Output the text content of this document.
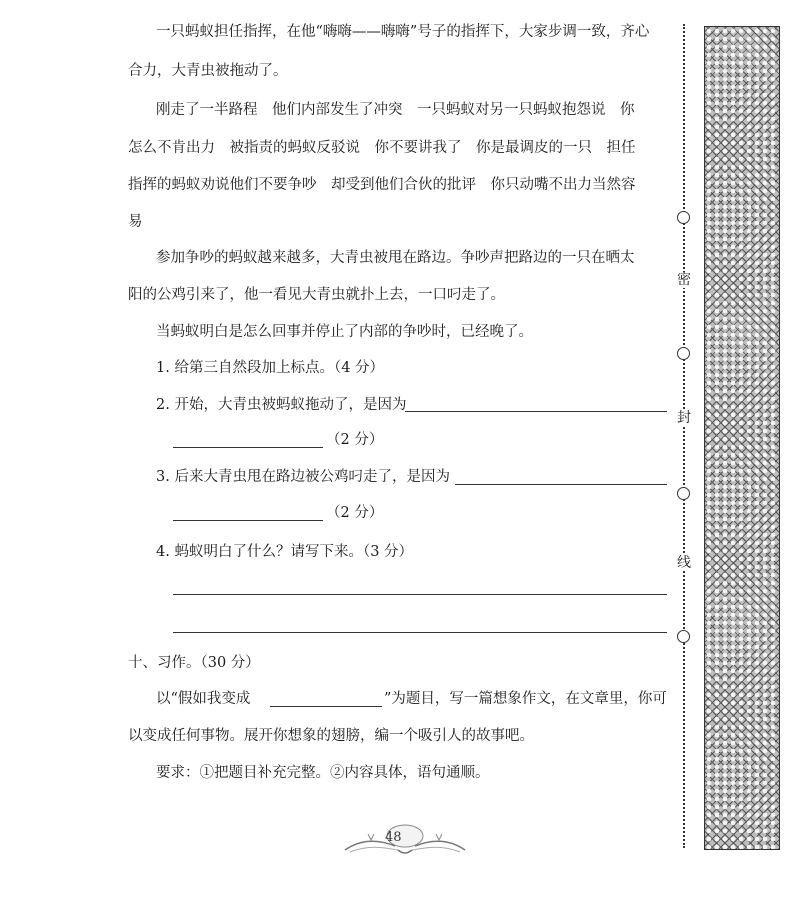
一只蚂蚁担任指挥，在他“嗨嗨——嗨嗨”号子的指挥下，大家步调一致，齐心
合力，大青虫被拖动了。
刚走了一半路程　他们内部发生了冲突　一只蚂蚁对另一只蚂蚁抱怨说　你
怎么不肯出力　被指责的蚂蚁反驳说　你不要讲我了　你是最调皮的一只　担任
指挥的蚂蚁劝说他们不要争吵　却受到他们合伙的批评　你只动嘴不出力当然容
易
参加争吵的蚂蚁越来越多，大青虫被甩在路边。争吵声把路边的一只在晒太
阳的公鸡引来了，他一看见大青虫就扑上去，一口叼走了。
当蚂蚁明白是怎么回事并停止了内部的争吵时，已经晚了。
1. 给第三自然段加上标点。（4 分）
2. 开始，大青虫被蚂蚁拖动了，是因为
（2 分）
3. 后来大青虫甩在路边被公鸡叼走了，是因为
（2 分）
4. 蚂蚁明白了什么？请写下来。（3 分）
十、习作。（30 分）
以“假如我变成	”为题目，写一篇想象作文，在文章里，你可
以变成任何事物。展开你想象的翅膀，编一个吸引人的故事吧。
要求：①把题目补充完整。②内容具体，语句通顺。
密
封
线
48
